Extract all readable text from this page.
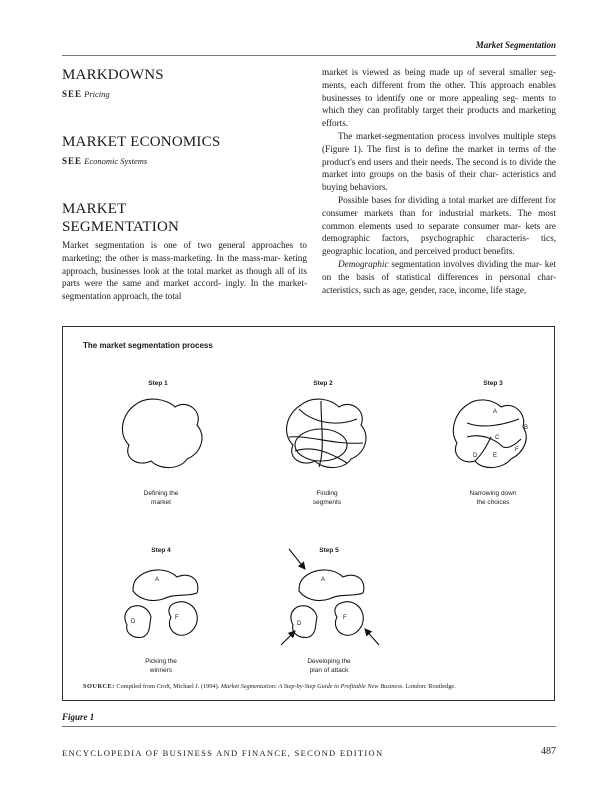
Market Segmentation
MARKDOWNS
SEE Pricing
MARKET ECONOMICS
SEE Economic Systems
MARKET
SEGMENTATION

Market segmentation is one of two general approaches to marketing; the other is mass-marketing. In the mass-mar- keting approach, businesses look at the total market as though all of its parts were the same and market accord- ingly. In the market-segmentation approach, the total

market is viewed as being made up of several smaller seg- ments, each different from the other. This approach enables businesses to identify one or more appealing seg- ments to which they can profitably target their products and marketing efforts.

The market-segmentation process involves multiple steps (Figure 1). The first is to define the market in terms of the product's end users and their needs. The second is to divide the market into groups on the basis of their char- acteristics and buying behaviors.

Possible bases for dividing a total market are different for consumer markets than for industrial markets. The most common elements used to separate consumer mar- kets are demographic factors, psychographic characteris- tics, geographic location, and perceived product benefits.

Demographic segmentation involves dividing the mar- ket on the basis of statistical differences in personal char- acteristics, such as age, gender, race, income, life stage,

The market segmentation process
Step 1	Step 2	Step 3
Step 4	Step 5
Defining the
market
Finding
segments
Narrowing down
the choices
Picking the
winners
Developing the
plan of attack
A
B
C
D	E
F
A
D
F
A
D
F
SOURCE: Compiled from Croft, Michael J. (1994). Market Segmentation: A Step-by-Step Guide to Profitable New Business. London: Routledge.
Figure 1
ENCYCLOPEDIA OF BUSINESS AND FINANCE, SECOND EDITION	487
